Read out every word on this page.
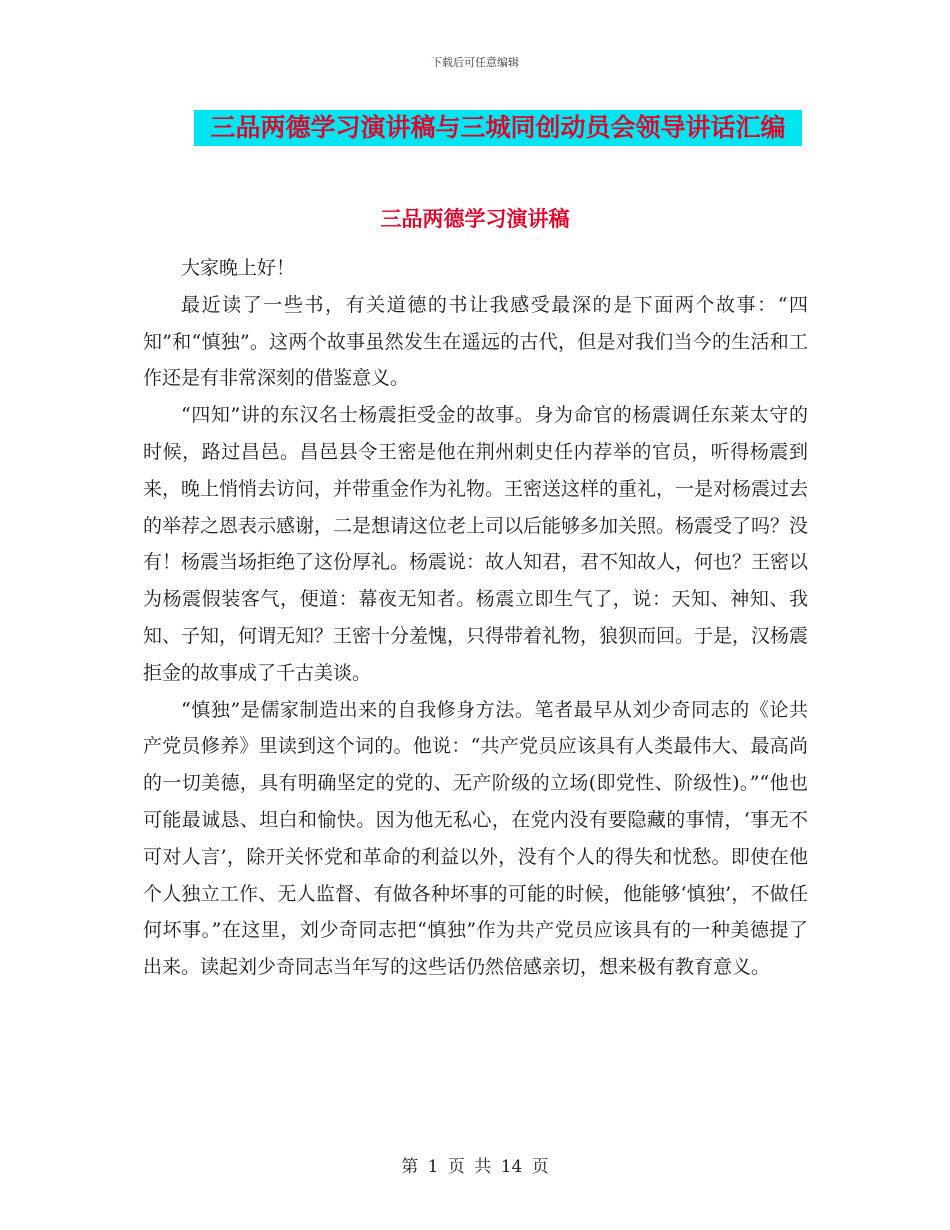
下载后可任意编辑
三品两德学习演讲稿与三城同创动员会领导讲话汇编
三品两德学习演讲稿

大家晚上好！

最近读了一些书，有关道德的书让我感受最深的是下面两个故事：“四知”和“慎独”。这两个故事虽然发生在遥远的古代，但是对我们当今的生活和工作还是有非常深刻的借鉴意义。

“四知”讲的东汉名士杨震拒受金的故事。身为命官的杨震调任东莱太守的时候，路过昌邑。昌邑县令王密是他在荆州刺史任内荐举的官员，听得杨震到来，晚上悄悄去访问，并带重金作为礼物。王密送这样的重礼，一是对杨震过去的举荐之恩表示感谢，二是想请这位老上司以后能够多加关照。杨震受了吗？没有！杨震当场拒绝了这份厚礼。杨震说：故人知君，君不知故人，何也？王密以为杨震假装客气，便道：幕夜无知者。杨震立即生气了，说：天知、神知、我知、子知，何谓无知？王密十分羞愧，只得带着礼物，狼狈而回。于是，汉杨震拒金的故事成了千古美谈。

“慎独”是儒家制造出来的自我修身方法。笔者最早从刘少奇同志的《论共产党员修养》里读到这个词的。他说：“共产党员应该具有人类最伟大、最高尚的一切美德，具有明确坚定的党的、无产阶级的立场(即党性、阶级性)。”“他也可能最诚恳、坦白和愉快。因为他无私心，在党内没有要隐藏的事情，‘事无不可对人言’，除开关怀党和革命的利益以外，没有个人的得失和忧愁。即使在他个人独立工作、无人监督、有做各种坏事的可能的时候，他能够‘慎独’，不做任何坏事。”在这里，刘少奇同志把“慎独”作为共产党员应该具有的一种美德提了出来。读起刘少奇同志当年写的这些话仍然倍感亲切，想来极有教育意义。

第 1 页 共 14 页
